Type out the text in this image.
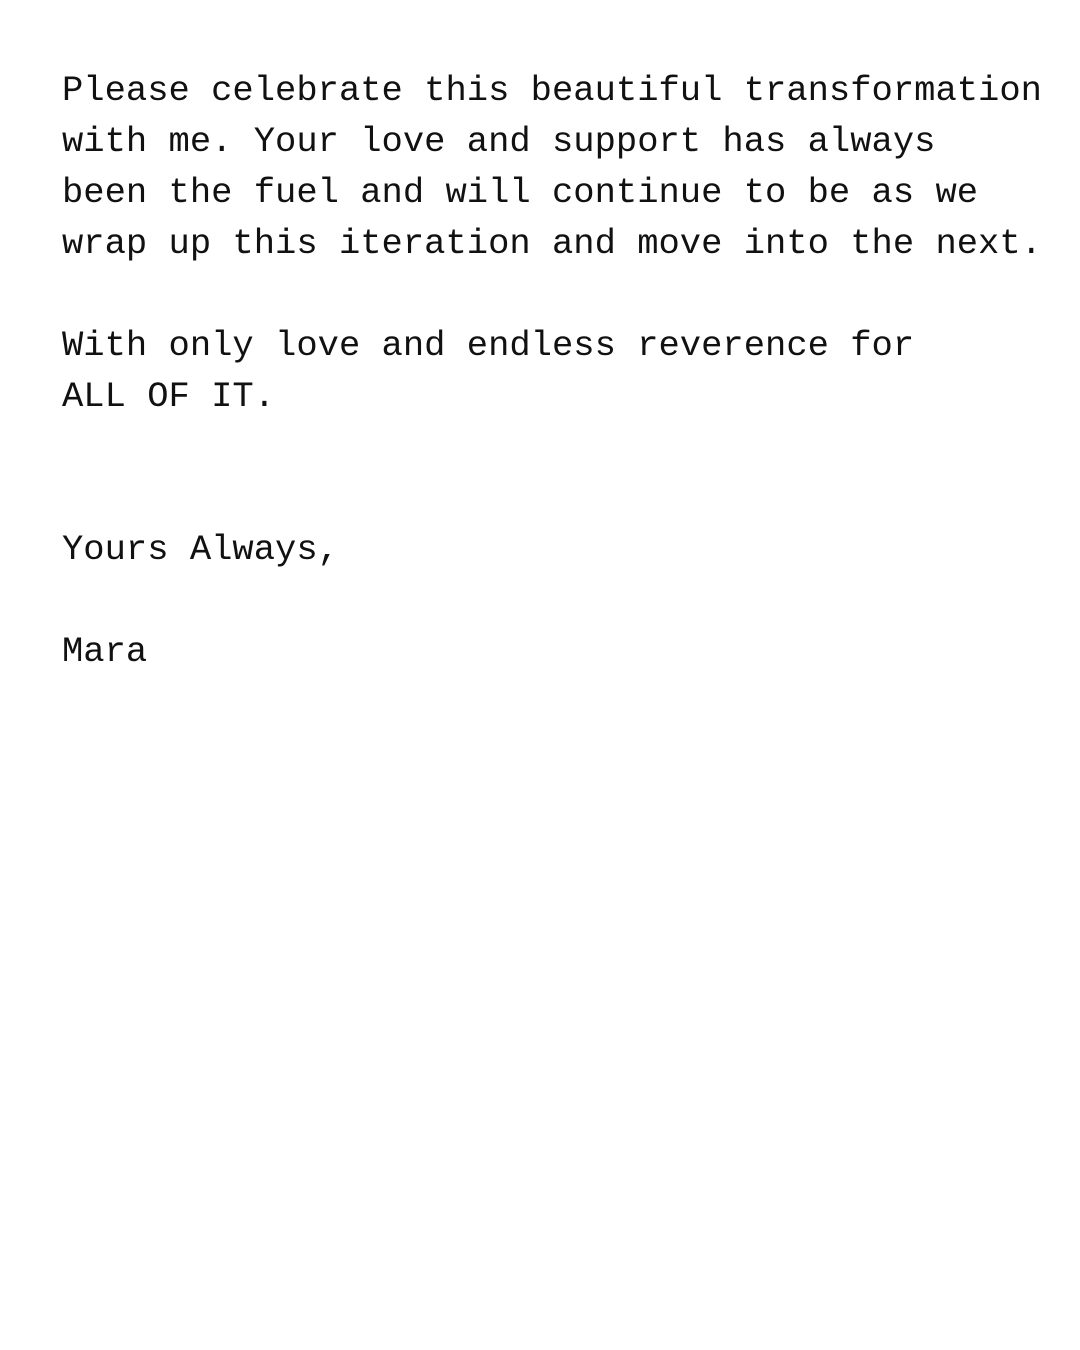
Please celebrate this beautiful transformation
with me. Your love and support has always
been the fuel and will continue to be as we
wrap up this iteration and move into the next.
With only love and endless reverence for
ALL OF IT.
Yours Always,
Mara
